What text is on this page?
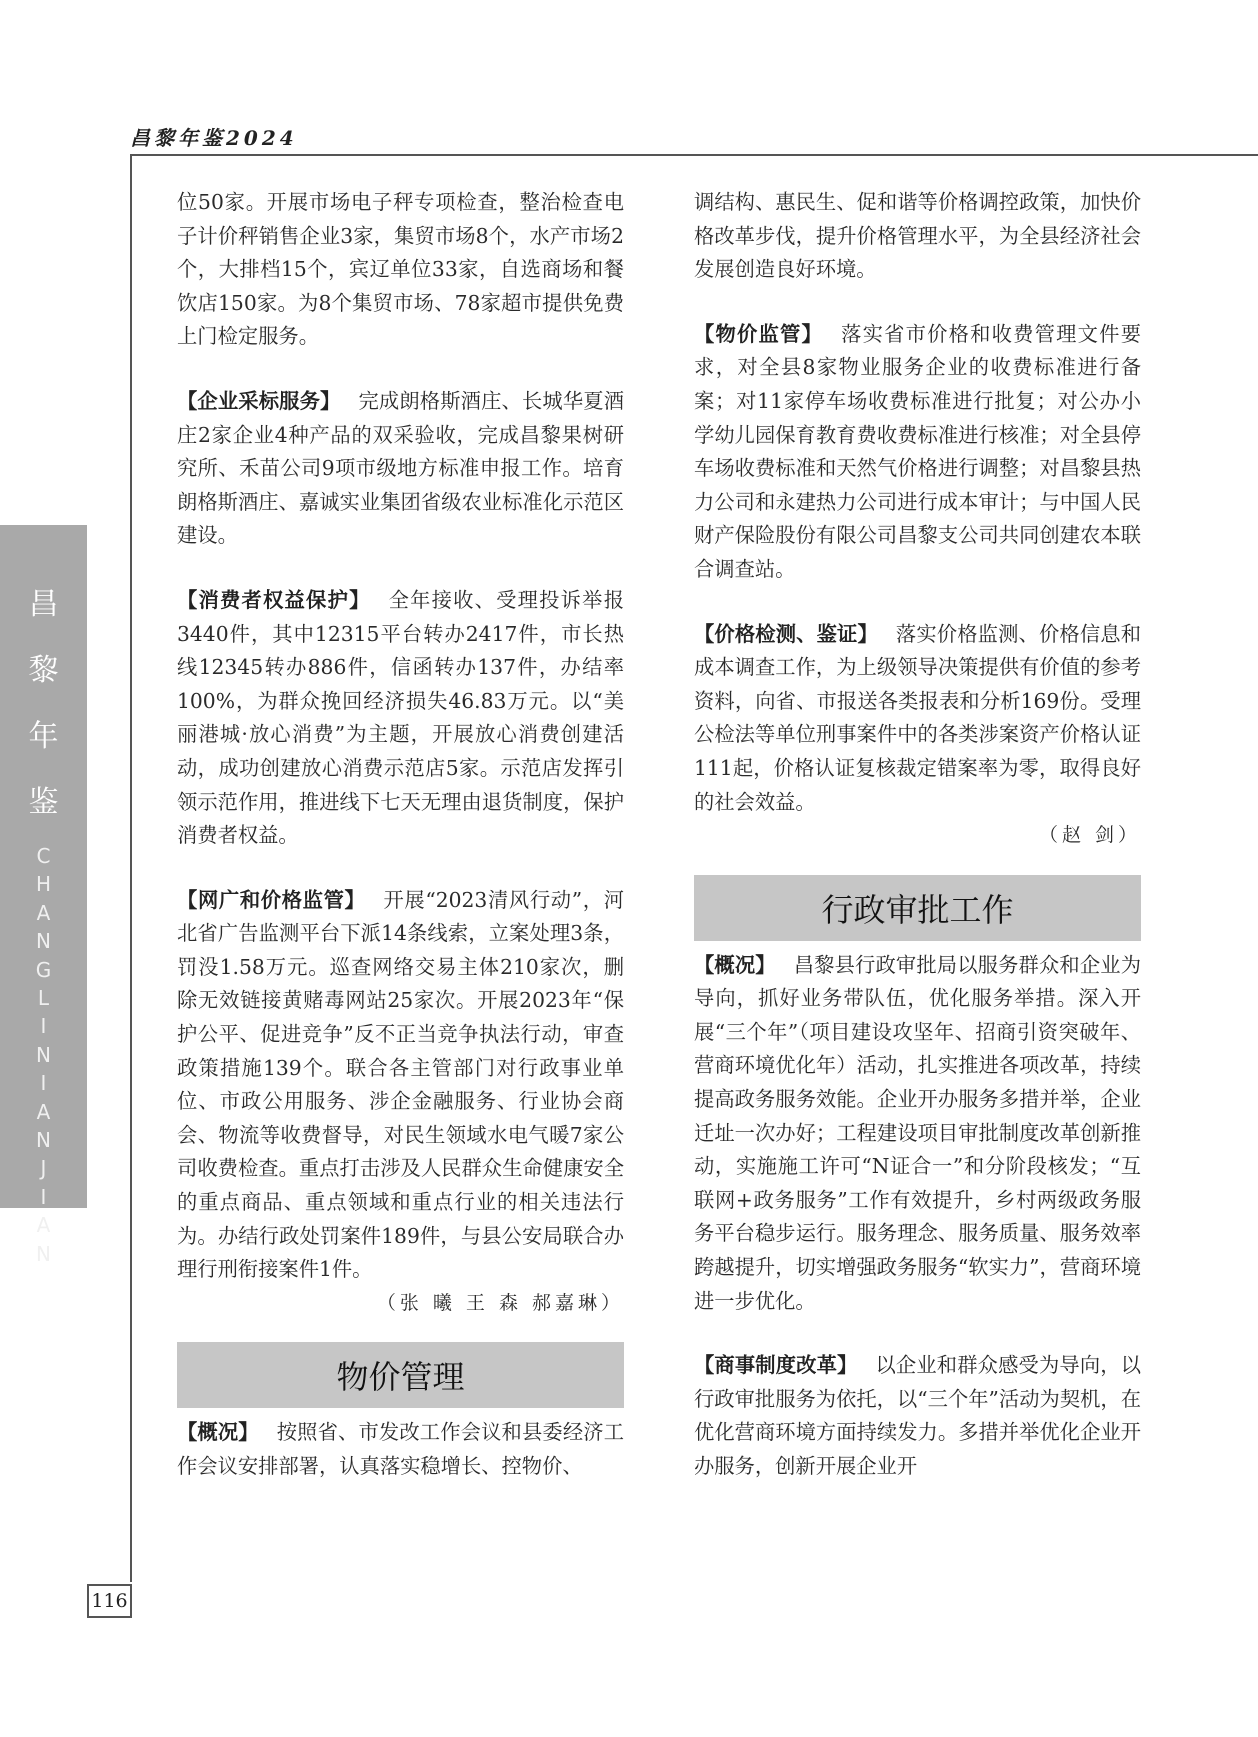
昌黎年鉴2024
昌
黎
年
鉴
C
H
A
N
G
L
I
N
I
A
N
J
I
A
N

位50家。开展市场电子秤专项检查，整治检查电子计价秤销售企业3家，集贸市场8个，水产市场2个，大排档15个，宾辽单位33家，自选商场和餐饮店150家。为8个集贸市场、78家超市提供免费上门检定服务。

【企业采标服务】 完成朗格斯酒庄、长城华夏酒庄2家企业4种产品的双采验收，完成昌黎果树研究所、禾苗公司9项市级地方标准申报工作。培育朗格斯酒庄、嘉诚实业集团省级农业标准化示范区建设。

【消费者权益保护】 全年接收、受理投诉举报3440件，其中12315平台转办2417件，市长热线12345转办886件，信函转办137件，办结率100%，为群众挽回经济损失46.83万元。以“美丽港城·放心消费”为主题，开展放心消费创建活动，成功创建放心消费示范店5家。示范店发挥引领示范作用，推进线下七天无理由退货制度，保护消费者权益。

【网广和价格监管】 开展“2023清风行动”，河北省广告监测平台下派14条线索，立案处理3条，罚没1.58万元。巡查网络交易主体210家次，删除无效链接黄赌毒网站25家次。开展2023年“保护公平、促进竞争”反不正当竞争执法行动，审查政策措施139个。联合各主管部门对行政事业单位、市政公用服务、涉企金融服务、行业协会商会、物流等收费督导，对民生领域水电气暖7家公司收费检查。重点打击涉及人民群众生命健康安全的重点商品、重点领域和重点行业的相关违法行为。办结行政处罚案件189件，与县公安局联合办理行刑衔接案件1件。

（张 曦 王 森 郝嘉琳）

物价管理

【概况】 按照省、市发改工作会议和县委经济工作会议安排部署，认真落实稳增长、控物价、

调结构、惠民生、促和谐等价格调控政策，加快价格改革步伐，提升价格管理水平，为全县经济社会发展创造良好环境。

【物价监管】 落实省市价格和收费管理文件要求，对全县8家物业服务企业的收费标准进行备案；对11家停车场收费标准进行批复；对公办小学幼儿园保育教育费收费标准进行核准；对全县停车场收费标准和天然气价格进行调整；对昌黎县热力公司和永建热力公司进行成本审计；与中国人民财产保险股份有限公司昌黎支公司共同创建农本联合调查站。

【价格检测、鉴证】 落实价格监测、价格信息和成本调查工作，为上级领导决策提供有价值的参考资料，向省、市报送各类报表和分析169份。受理公检法等单位刑事案件中的各类涉案资产价格认证111起，价格认证复核裁定错案率为零，取得良好的社会效益。

（赵 剑）

行政审批工作

【概况】 昌黎县行政审批局以服务群众和企业为导向，抓好业务带队伍，优化服务举措。深入开展“三个年”（项目建设攻坚年、招商引资突破年、营商环境优化年）活动，扎实推进各项改革，持续提高政务服务效能。企业开办服务多措并举，企业迁址一次办好；工程建设项目审批制度改革创新推动，实施施工许可“N证合一”和分阶段核发；“互联网+政务服务”工作有效提升，乡村两级政务服务平台稳步运行。服务理念、服务质量、服务效率跨越提升，切实增强政务服务“软实力”，营商环境进一步优化。

【商事制度改革】 以企业和群众感受为导向，以行政审批服务为依托，以“三个年”活动为契机，在优化营商环境方面持续发力。多措并举优化企业开办服务，创新开展企业开

116
